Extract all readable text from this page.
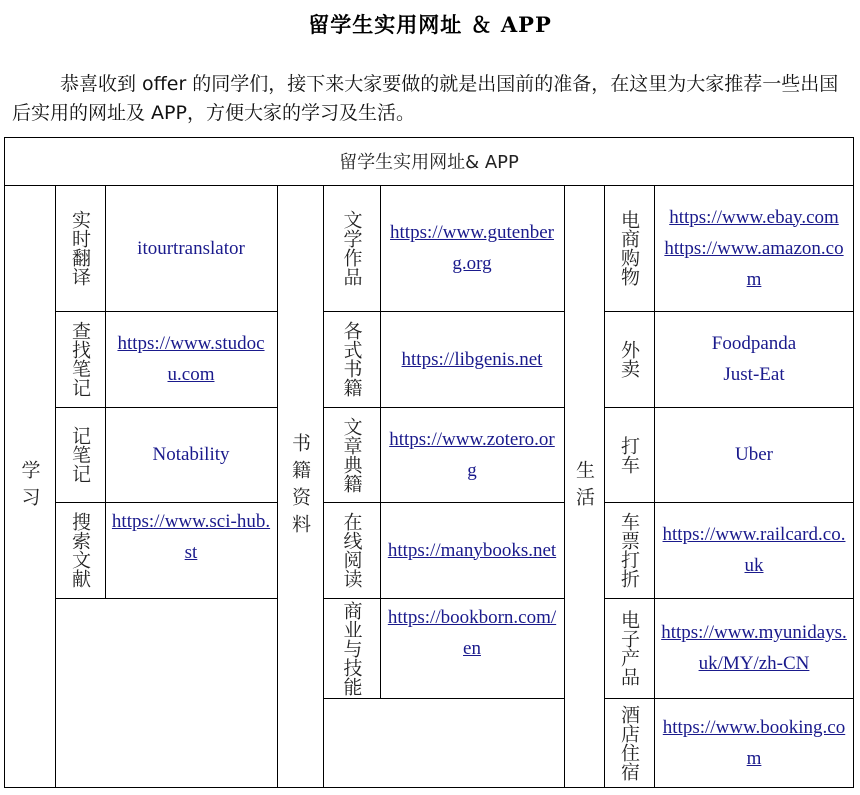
留学生实用网址 ＆ APP

恭喜收到 offer 的同学们，接下来大家要做的就是出国前的准备，在这里为大家推荐一些出国后实用的网址及 APP，方便大家的学习及生活。

留学生实用网址& APP
学习
实时翻译 itourtranslator
查找笔记	https://www.studocu.com
记笔记	Notability
搜索文献 https://www.sci-hub.st
书籍资料
文学作品 https://www.gutenberg.org
各式书籍 https://libgenis.net
文章典籍 https://www.zotero.org
在线阅读 https://manybooks.net
商业与技能 https://bookborn.com/en
生活
电商购物 https://www.ebay.com
https://www.amazon.com
外卖	Foodpanda
Just-Eat
打车	Uber
车票打折 https://www.railcard.co.uk
电子产品 https://www.myunidays.uk/MY/zh-CN
酒店住宿 https://www.booking.com
